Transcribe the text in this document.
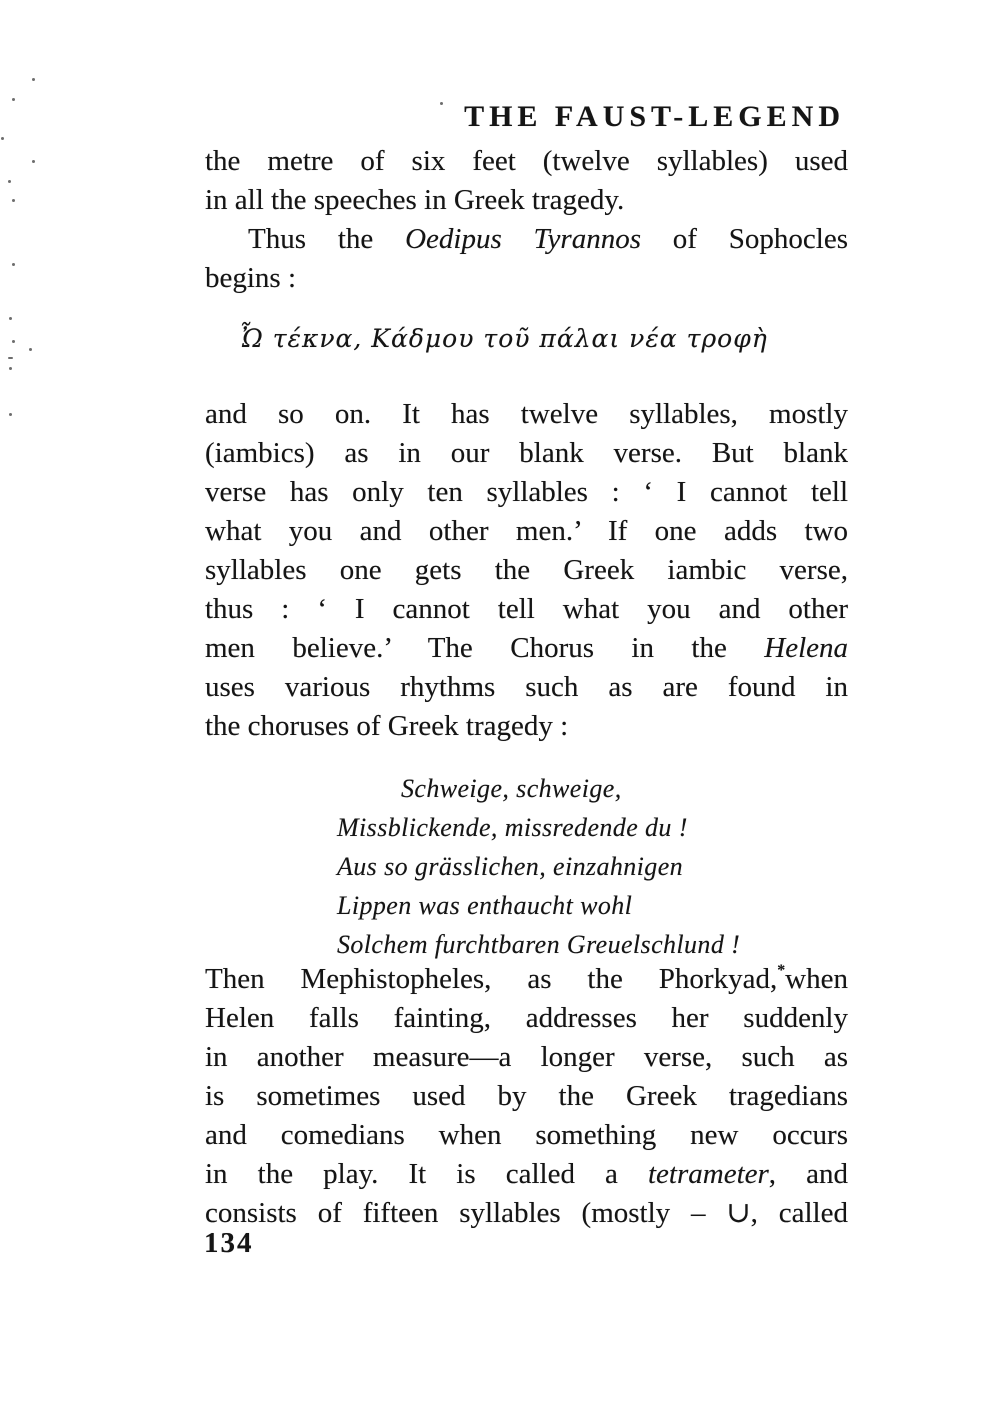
THE FAUST-LEGEND
the metre of six feet (twelve syllables) used
in all the speeches in Greek tragedy.
Thus the Oedipus Tyrannos of Sophocles
begins :
Ὦ τέκνα, Κάδμου τοῦ πάλαι νέα τροφὴ
and so on. It has twelve syllables, mostly
(iambics) as in our blank verse. But blank
verse has only ten syllables : ‘ I cannot tell
what you and other men.’ If one adds two
syllables one gets the Greek iambic verse,
thus : ‘ I cannot tell what you and other
men believe.’ The Chorus in the Helena
uses various rhythms such as are found in
the choruses of Greek tragedy :
Schweige, schweige,
Missblickende, missredende du !
Aus so grässlichen, einzahnigen
Lippen was enthaucht wohl
Solchem furchtbaren Greuelschlund !
Then Mephistopheles, as the Phorkyad,*when
Helen falls fainting, addresses her suddenly
in another measure—a longer verse, such as
is sometimes used by the Greek tragedians
and comedians when something new occurs
in the play. It is called a tetrameter, and
consists of fifteen syllables (mostly – ∪, called
134
